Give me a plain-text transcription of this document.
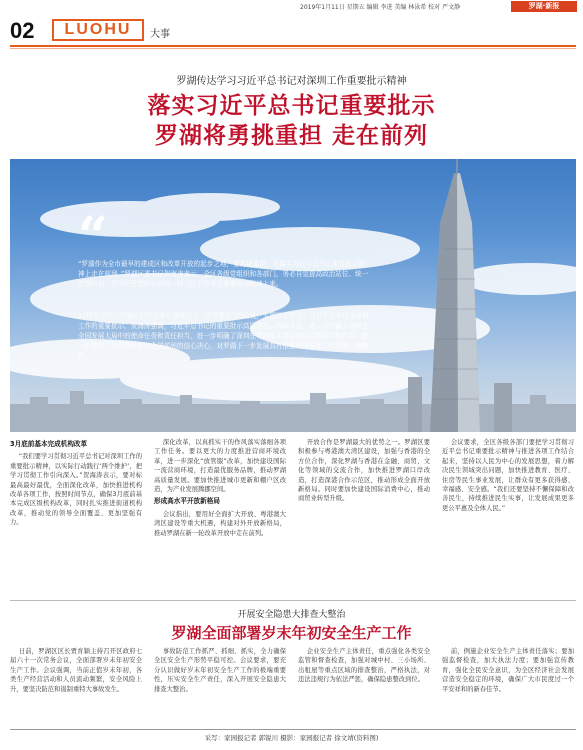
2019年1月11日 星期五 编辑 李进 美编 林泳希 校对 严文静	罗湖·新报
02	LUOHU	大事
罗湖传达学习习近平总书记对深圳工作重要批示精神
落实习近平总书记重要批示
罗湖将勇挑重担 走在前列
“
“罗湖作为全市最早的建成区和改革开放的起步之地，要勇挑重担，在落实习近平总书记重要批示精神上走在前列。”罗湖区委书记贺海涛表示，全区各级党组织和各部门，务必自觉提高政治站位、统一思想认识，坚决把思想和行动统一到习近平总书记重要批示精神上来。
1月7日下午，罗湖区召开区委七届第七十一次常委(扩大)会议，专题传达学习了习近平总书记对深圳工作的重要批示，贺海涛强调，习近平总书记的重要批示高屋建瓴、内涵丰富，进一步明确了深圳在全国发展大局中的使命任务和责任担当，进一步明确了深圳在粤港澳大湾区建设中的地位和作用，进一步提振了深圳继续走在全国前列的信心决心，对罗湖下一步发展具有很强的指导性、针对性、战略性。
3月底前基本完成机构改革

“我们要学习贯彻习近平总书记对深圳工作的重要批示精神，以实际行动践行‘两个维护’，把学习贯彻工作引向深入。”贺海涛表示，要对标最高最好最优，全面深化改革，加快推进机构改革各项工作，按照时间节点，确保3月底前基本完成区级机构改革，同时扎实推进街道机构改革，推动党的领导全面覆盖、更加坚强有力。

深化改革，以真抓实干的作风落实落细各项工作任务。要以更大的力度推进营商环境改革，进一步深化“放管服”改革，加快建设国际一流营商环境，打造最优服务品牌，推动罗湖高质量发展。要加快推进城市更新和棚户区改造，为产业发展腾挪空间。

形成高水平开放新格局

会议指出，要用好全面扩大开放、粤港澳大湾区建设等重大机遇，构建对外开放新格局，推动罗湖在新一轮改革开放中走在前列。

开放合作是罗湖最大的优势之一。罗湖区要积极参与粤港澳大湾区建设，加强与香港的全方位合作，深化罗湖与香港在金融、商贸、文化等领域的交流合作，加快推进罗湖口岸改造，打造深港合作示范区，推动形成全面开放新格局。同时要加快建设国际消费中心，推动商贸业转型升级。

会议要求，全区各级各部门要把学习贯彻习近平总书记重要批示精神与推进各项工作结合起来，坚持以人民为中心的发展思想，着力解决民生领域突出问题，加快推进教育、医疗、住房等民生事业发展，让群众有更多获得感、幸福感、安全感。“我们还要坚持不懈保障和改善民生，持续推进民生实事，让发展成果更多更公平惠及全体人民。”

开展安全隐患大排查大整治
罗湖全面部署岁末年初安全生产工作

日前，罗湖区区长贾育颖主持召开区政府七届六十一次常务会议，全面部署岁末年初安全生产工作。会议强调，当前正值岁末年初，各类生产经营活动和人员流动频繁，安全风险上升，要坚决防范和遏制重特大事故发生。

事故防范工作抓严、抓细、抓实，全力确保全区安全生产形势平稳可控。会议要求，要充分认识做好岁末年初安全生产工作的极端重要性，压实安全生产责任，深入开展安全隐患大排查大整治。

企业安全生产主体责任，重点强化各类安全监管和督查检查，加强对城中村、三小场所、出租屋等重点区域的排查整治，严格执法，对违法违规行为依法严惩，确保隐患整改到位。

前，例施企业安全生产主体责任落实；要加强监督检查，加大执法力度；要加强宣传教育，强化全民安全意识，为全区经济社会发展营造安全稳定的环境，确保广大市民度过一个平安祥和的新春佳节。

采写：家园报记者 郭锐川 摄影：家园报记者 徐文靖(资料图)
